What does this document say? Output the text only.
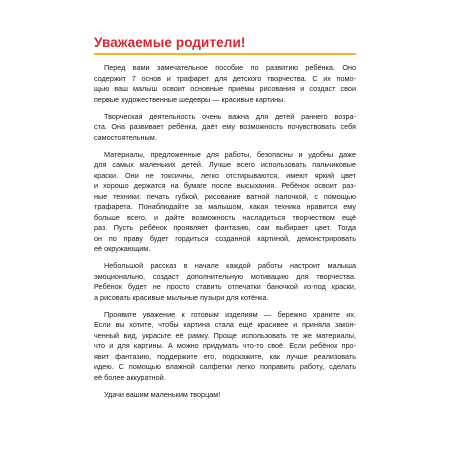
Уважаемые родители!

Перед вами замечательное пособие по развитию ребёнка. Оно
содержит 7 основ и трафарет для детского творчества. С их помо-
щью ваш малыш освоит основные приёмы рисования и создаст свои
первые художественные шедевры — красивые картины.

Творческая деятельность очень важна для детей раннего возра-
ста. Она развивает ребёнка, даёт ему возможность почувствовать себя
самостоятельным.

Материалы, предложенные для работы, безопасны и удобны даже
для самых маленьких детей. Лучше всего использовать пальчиковые
краски. Они не токсичны, легко отстирываются, имеют яркий цвет
и хорошо держатся на бумаге после высыхания. Ребёнок освоит раз-
ные техники: печать губкой, рисование ватной палочкой, с помощью
трафарета. Понаблюдайте за малышом, какая техника нравится ему
больше всего, и дайте возможность насладиться творчеством ещё
раз. Пусть ребёнок проявляет фантазию, сам выбирает цвет. Тогда
он по праву будет гордиться созданной картиной, демонстрировать
её окружающим.

Небольшой рассказ в начале каждой работы настроит малыша
эмоционально, создаст дополнительную мотивацию для творчества.
Ребёнок будет не просто ставить отпечатки баночкой из-под краски,
а рисовать красивые мыльные пузыри для котёнка.

Проявите уважение к готовым изделиям — бережно храните их.
Если вы хотите, чтобы картина стала ещё красивее и приняла закон-
ченный вид, украсьте её рамку. Проще использовать те же материалы,
что и для картины. А можно придумать что-то своё. Если ребёнок про-
явит фантазию, поддержите его, подскажите, как лучше реализовать
идею. С помощью влажной салфетки легко поправить работу, сделать
её более аккуратной.

Удачи вашим маленьким творцам!
